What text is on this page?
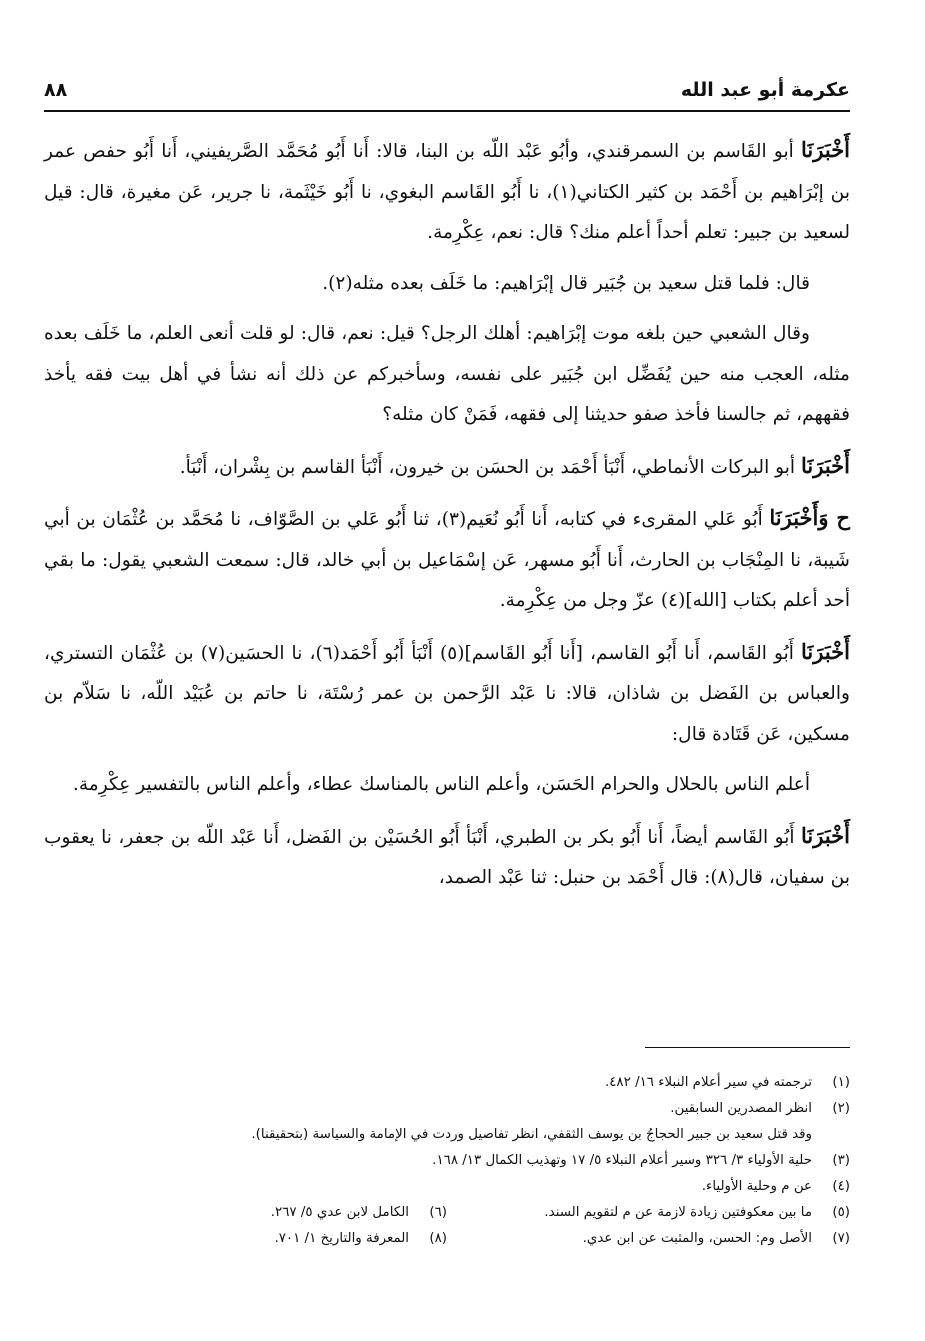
عكرمة أبو عبد الله
٨٨

أَخْبَرَنَا أبو القَاسم بن السمرقندي، وأبُو عَبْد اللّه بن البنا، قالا: أَنا أَبُو مُحَمَّد الصَّريفيني، أَنا أَبُو حفص عمر بن إبْرَاهيم بن أَحْمَد بن كثير الكتاني(١)، نا أَبُو القَاسم البغوي، نا أَبُو خَيْثَمة، نا جرير، عَن مغيرة، قال: قيل لسعيد بن جبير: تعلم أحداً أعلم منك؟ قال: نعم، عِكْرِمة.

قال: فلما قتل سعيد بن جُبَير قال إبْرَاهيم: ما خَلَف بعده مثله(٢).

وقال الشعبي حين بلغه موت إبْرَاهيم: أهلك الرجل؟ قيل: نعم، قال: لو قلت أنعى العلم، ما خَلَف بعده مثله، العجب منه حين يُفَضِّل ابن جُبَير على نفسه، وسأخبركم عن ذلك أنه نشأ في أهل بيت فقه يأخذ فقههم، ثم جالسنا فأخذ صفو حديثنا إلى فقهه، فَمَنْ كان مثله؟

أَخْبَرَنَا أبو البركات الأنماطي، أَنْبَأ أَحْمَد بن الحسَن بن خيرون، أَنْبَأ القاسم بن بِشْران، أَنْبَأ.

ح وَأَخْبَرَنَا أَبُو عَلي المقرىء في كتابه، أَنا أَبُو نُعَيم(٣)، ثنا أَبُو عَلي بن الصَّوّاف، نا مُحَمَّد بن عُثْمَان بن أبي شَيبة، نا المِنْجَاب بن الحارث، أَنا أَبُو مسهر، عَن إسْمَاعيل بن أبي خالد، قال: سمعت الشعبي يقول: ما بقي أحد أعلم بكتاب [الله](٤) عزّ وجل من عِكْرِمة.

أَخْبَرَنَا أَبُو القَاسم، أَنا أَبُو القاسم، [أَنا أَبُو القَاسم](٥) أَنْبَأ أَبُو أَحْمَد(٦)، نا الحسَين(٧) بن عُثْمَان التستري، والعباس بن الفَضل بن شاذان، قالا: نا عَبْد الرَّحمن بن عمر رُسْتَة، نا حاتم بن عُبَيْد اللّه، نا سَلاّم بن مسكين، عَن قَتَادة قال:

أعلم الناس بالحلال والحرام الحَسَن، وأعلم الناس بالمناسك عطاء، وأعلم الناس بالتفسير عِكْرِمة.

أَخْبَرَنَا أَبُو القَاسم أيضاً، أَنا أَبُو بكر بن الطبري، أَنْبَأ أَبُو الحُسَيْن بن الفَضل، أَنا عَبْد اللّه بن جعفر، نا يعقوب بن سفيان، قال(٨): قال أَحْمَد بن حنبل: ثنا عَبْد الصمد،

(١)
ترجمته في سير أعلام النبلاء ١٦/ ٤٨٢.
(٢)
انظر المصدرين السابقين.
وقد قتل سعيد بن جبير الحجاجُ بن يوسف الثقفي، انظر تفاصيل وردت في الإمامة والسياسة (بتحقيقنا).
(٣)
حلية الأولياء ٣/ ٣٢٦ وسير أعلام النبلاء ٥/ ١٧ وتهذيب الكمال ١٣/ ١٦٨.
(٤)
عن م وحلية الأولياء.
(٥)
ما بين معكوفتين زيادة لازمة عن م لتقويم السند.
(٦)
الكامل لابن عدي ٥/ ٢٦٧.
(٧)
الأصل وم: الحسن، والمثبت عن ابن عدي.
(٨)
المعرفة والتاريخ ١/ ٧٠١.
